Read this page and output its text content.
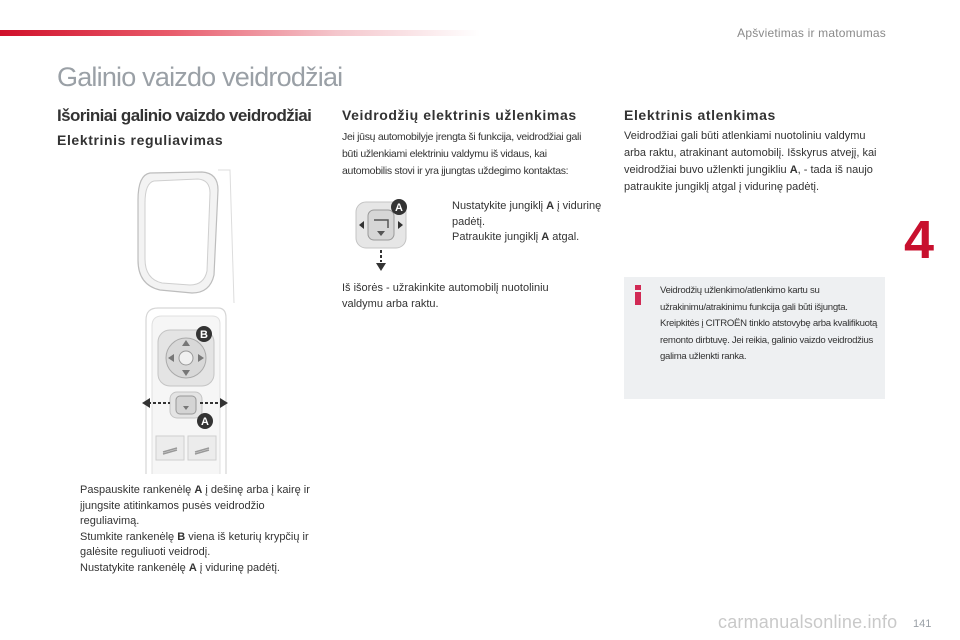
Apšvietimas ir matomumas
Galinio vaizdo veidrodžiai
Išoriniai galinio vaizdo veidrodžiai
Elektrinis reguliavimas
B
A
Paspauskite rankenėlę A į dešinę arba į kairę ir įjungsite atitinkamos pusės veidrodžio reguliavimą.
Stumkite rankenėlę B viena iš keturių krypčių ir galėsite reguliuoti veidrodį.
Nustatykite rankenėlę A į vidurinę padėtį.
Veidrodžių elektrinis užlenkimas
Jei jūsų automobilyje įrengta ši funkcija, veidrodžiai gali būti užlenkiami elektriniu valdymu iš vidaus, kai automobilis stovi ir yra įjungtas uždegimo kontaktas:
A	Nustatykite jungiklį A į vidurinę padėtį.
Patraukite jungiklį A atgal.
Iš išorės - užrakinkite automobilį nuotoliniu valdymu arba raktu.
Elektrinis atlenkimas
Veidrodžiai gali būti atlenkiami nuotoliniu valdymu arba raktu, atrakinant automobilį. Išskyrus atvejį, kai veidrodžiai buvo užlenkti jungikliu A, - tada iš naujo patraukite jungiklį atgal į vidurinę padėtį.
Veidrodžių užlenkimo/atlenkimo kartu su užrakinimu/atrakinimu funkcija gali būti išjungta. Kreipkitės į CITROËN tinklo atstovybę arba kvalifikuotą remonto dirbtuvę. Jei reikia, galinio vaizdo veidrodžius galima užlenkti ranka.
4
carmanualsonline.info 141
